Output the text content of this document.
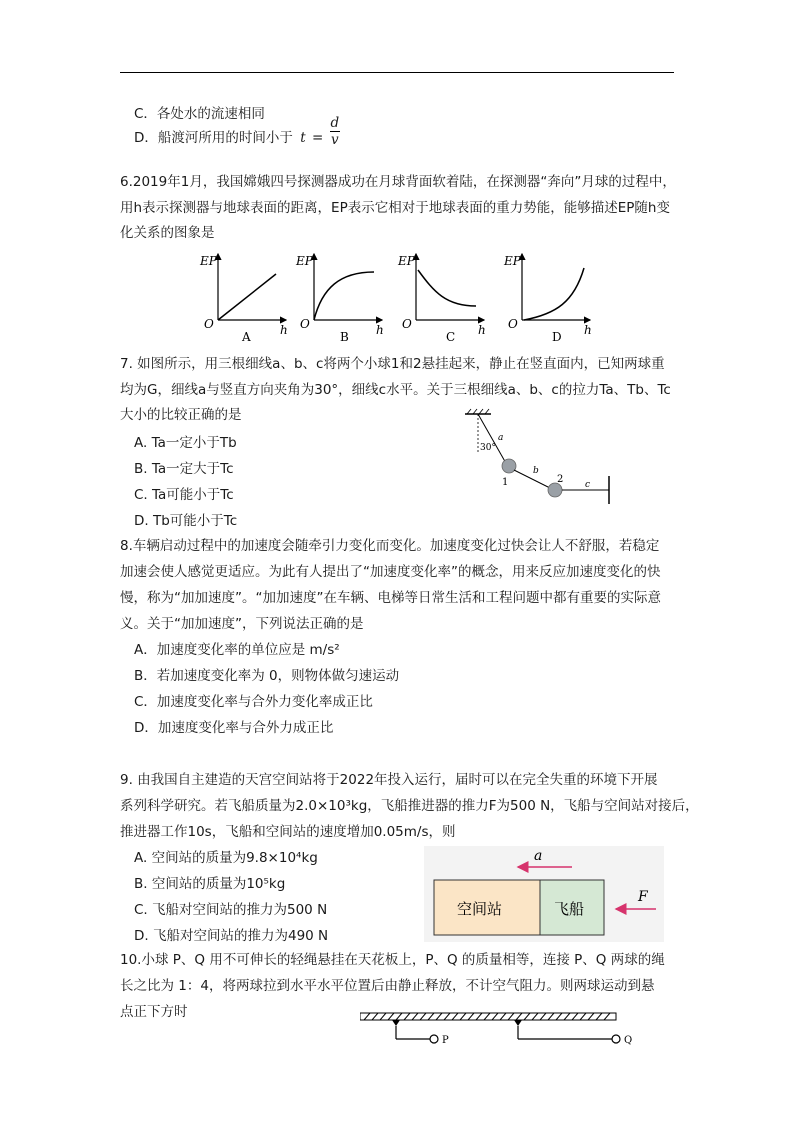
C．各处水的流速相同
D．船渡河所用的时间小于 $t = \frac{d}{v}$
6.2019年1月，我国嫦娥四号探测器成功在月球背面软着陆，在探测器“奔向”月球的过程中，
用h表示探测器与地球表面的距离，EP表示它相对于地球表面的重力势能，能够描述EP随h变
化关系的图象是
EP
O	h
A
EP
O	h
B
EP
O	h
C
EP
O	h
D
7. 如图所示，用三根细线a、b、c将两个小球1和2悬挂起来，静止在竖直面内，已知两球重
均为G，细线a与竖直方向夹角为30°，细线c水平。关于三根细线a、b、c的拉力Ta、Tb、Tc
大小的比较正确的是
A. Ta一定小于Tb
B. Ta一定大于Tc
C. Ta可能小于Tc
D. Tb可能小于Tc
30°
a
1
b
2 c
8.车辆启动过程中的加速度会随牵引力变化而变化。加速度变化过快会让人不舒服，若稳定
加速会使人感觉更适应。为此有人提出了“加速度变化率”的概念，用来反应加速度变化的快
慢，称为“加加速度”。“加加速度”在车辆、电梯等日常生活和工程问题中都有重要的实际意
义。关于“加加速度”，下列说法正确的是
A．加速度变化率的单位应是 m/s²
B．若加速度变化率为 0，则物体做匀速运动
C．加速度变化率与合外力变化率成正比
D．加速度变化率与合外力成正比
9. 由我国自主建造的天宫空间站将于2022年投入运行，届时可以在完全失重的环境下开展
系列科学研究。若飞船质量为2.0×10³kg，飞船推进器的推力F为500 N，飞船与空间站对接后，
推进器工作10s，飞船和空间站的速度增加0.05m/s，则
A. 空间站的质量为9.8×10⁴kg
B. 空间站的质量为10⁵kg
C. 飞船对空间站的推力为500 N
D. 飞船对空间站的推力为490 N
a
空间站	飞船
F
10.小球 P、Q 用不可伸长的轻绳悬挂在天花板上，P、Q 的质量相等，连接 P、Q 两球的绳
长之比为 1：4，将两球拉到水平水平位置后由静止释放，不计空气阻力。则两球运动到悬
点正下方时
P	Q
